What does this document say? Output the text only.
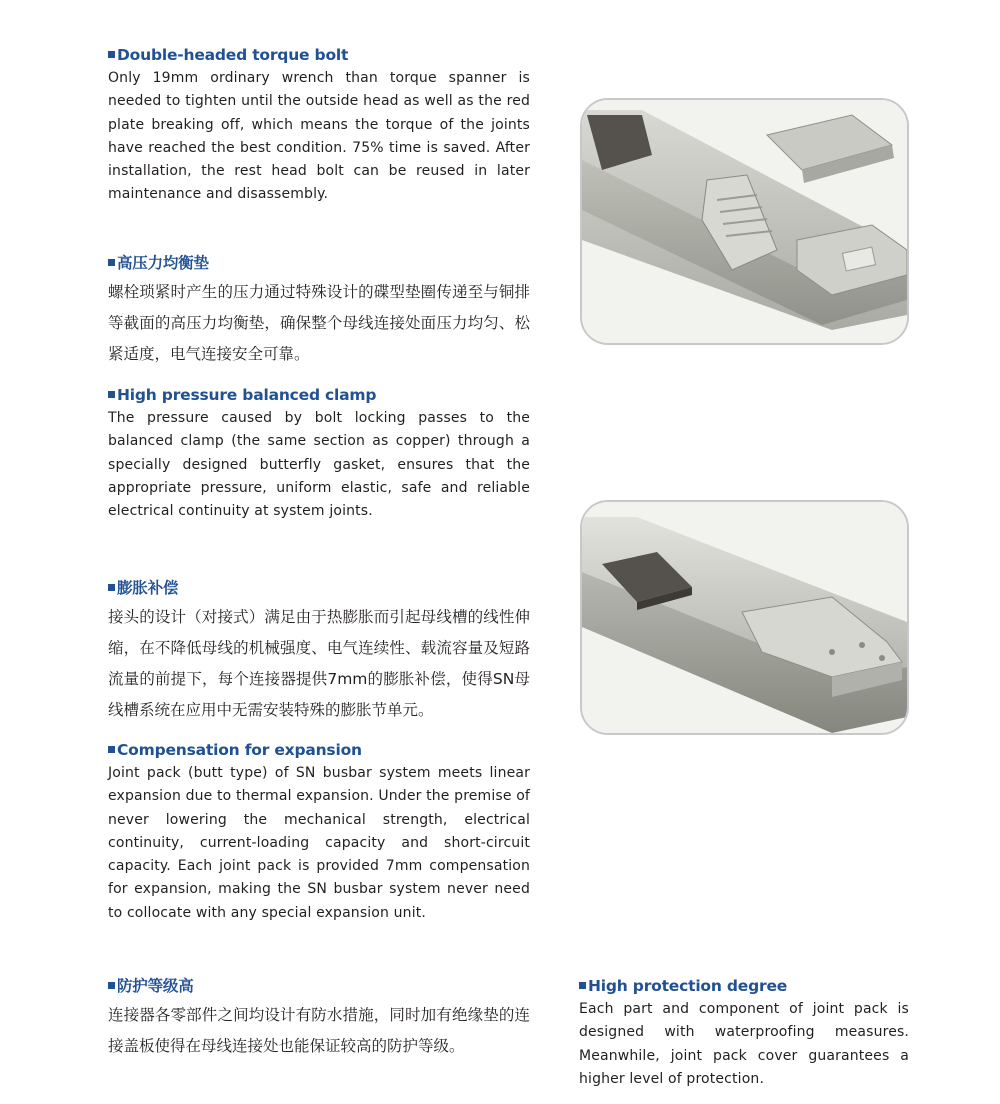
Double-headed torque bolt
Only 19mm ordinary wrench than torque spanner is needed to tighten until the outside head as well as the red plate breaking off, which means the torque of the joints have reached the best condition. 75% time is saved. After installation, the rest head bolt can be reused in later maintenance and disassembly.
高压力均衡垫
螺栓琐紧时产生的压力通过特殊设计的碟型垫圈传递至与铜排等截面的高压力均衡垫，确保整个母线连接处面压力均匀、松紧适度，电气连接安全可靠。
High pressure balanced clamp
The pressure caused by bolt locking passes to the balanced clamp (the same section as copper) through a specially designed butterfly gasket, ensures that the appropriate pressure, uniform elastic, safe and reliable electrical continuity at system joints.
膨胀补偿
接头的设计（对接式）满足由于热膨胀而引起母线槽的线性伸缩，在不降低母线的机械强度、电气连续性、载流容量及短路流量的前提下，每个连接器提供7mm的膨胀补偿，使得SN母线槽系统在应用中无需安装特殊的膨胀节单元。
Compensation for expansion
Joint pack (butt type) of SN busbar system meets linear expansion due to thermal expansion. Under the premise of never lowering the mechanical strength, electrical continuity, current-loading capacity and short-circuit capacity. Each joint pack is provided 7mm compensation for expansion, making the SN busbar system never need to collocate with any special expansion unit.
防护等级高
连接器各零部件之间均设计有防水措施，同时加有绝缘垫的连接盖板使得在母线连接处也能保证较高的防护等级。
High protection degree
Each part and component of joint pack is designed with waterproofing measures. Meanwhile, joint pack cover guarantees a higher level of protection.
